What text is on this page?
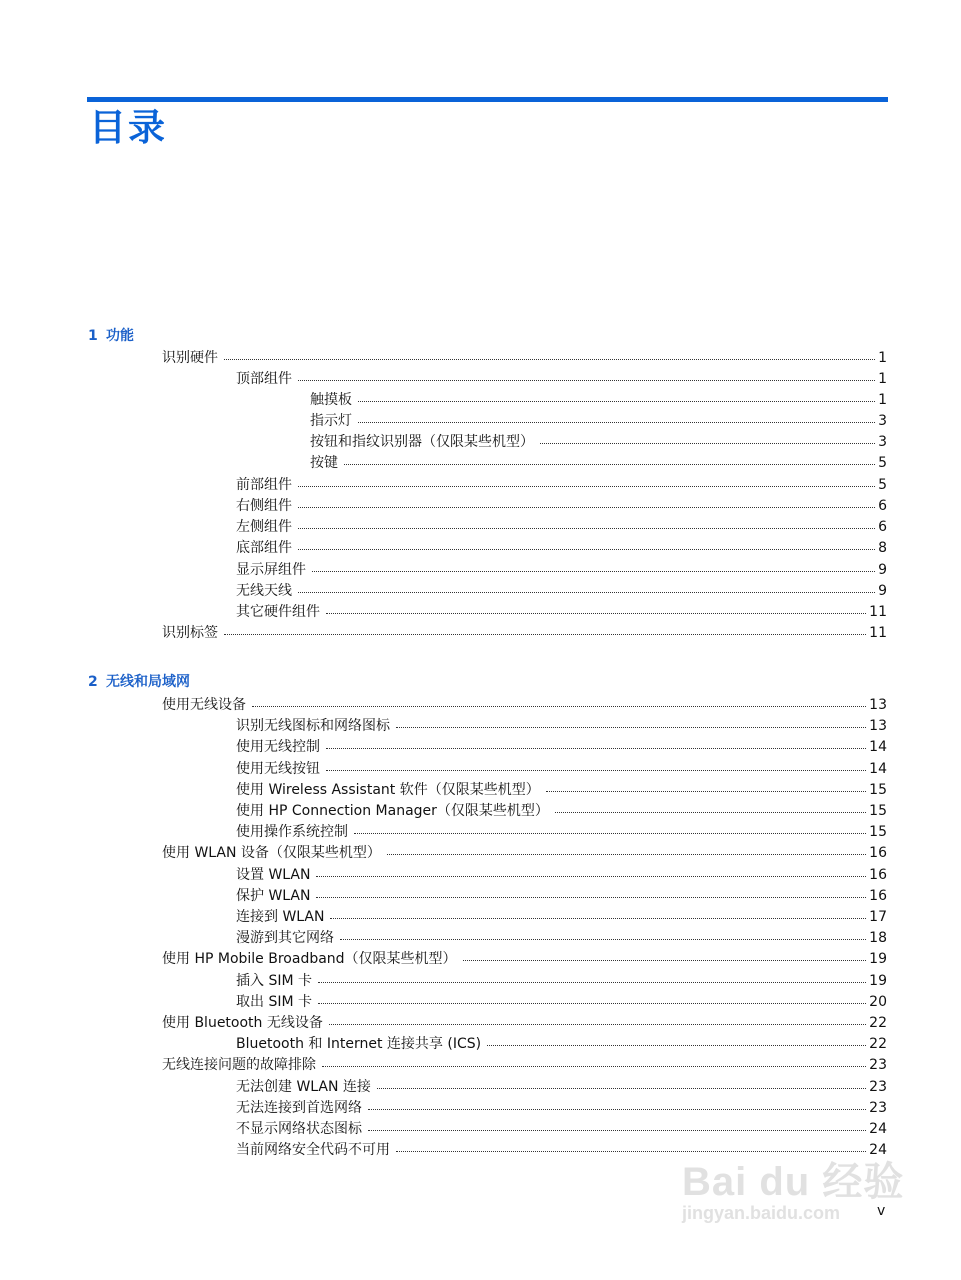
目录
1 功能
识别硬件	1
顶部组件	1
触摸板	1
指示灯	3
按钮和指纹识别器（仅限某些机型）	3
按键	5
前部组件	5
右侧组件	6
左侧组件	6
底部组件	8
显示屏组件	9
无线天线	9
其它硬件组件	11
识别标签	11
2 无线和局域网
使用无线设备	13
识别无线图标和网络图标	13
使用无线控制	14
使用无线按钮	14
使用 Wireless Assistant 软件（仅限某些机型）	15
使用 HP Connection Manager（仅限某些机型）	15
使用操作系统控制	15
使用 WLAN 设备（仅限某些机型）	16
设置 WLAN	16
保护 WLAN	16
连接到 WLAN	17
漫游到其它网络	18
使用 HP Mobile Broadband（仅限某些机型）	19
插入 SIM 卡	19
取出 SIM 卡	20
使用 Bluetooth 无线设备	22
Bluetooth 和 Internet 连接共享 (ICS)	22
无线连接问题的故障排除	23
无法创建 WLAN 连接	23
无法连接到首选网络	23
不显示网络状态图标	24
当前网络安全代码不可用	24
Bai du 经验
jingyan.baidu.com	v
